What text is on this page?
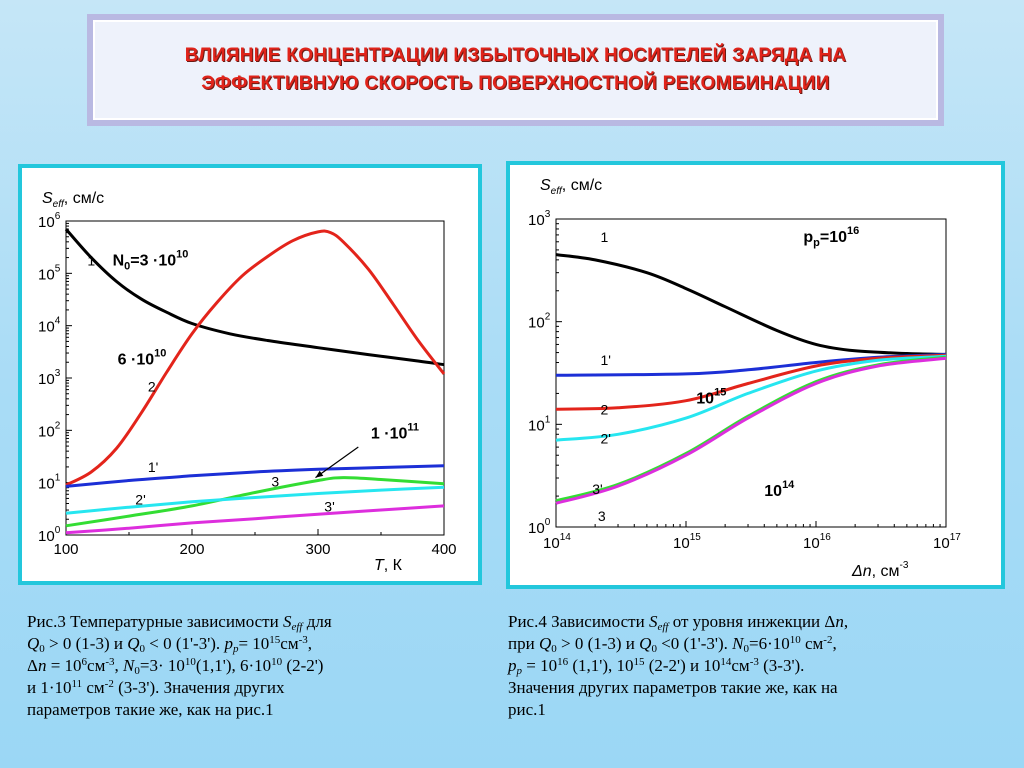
ВЛИЯНИЕ КОНЦЕНТРАЦИИ ИЗБЫТОЧНЫХ НОСИТЕЛЕЙ ЗАРЯДА НА
ЭФФЕКТИВНУЮ СКОРОСТЬ ПОВЕРХНОСТНОЙ РЕКОМБИНАЦИИ
$10^0$
$10^1$
$10^2$
$10^3$
$10^4$
$10^5$
$10^6$
100	200	300	400
$S_{eff}$, см/с
T, К
1
2
1'
2'
3
3'
$N_0=3 \cdot 10^{10}$
$6 \cdot 10^{10}$
$1 \cdot 10^{11}$
$10^0$
$10^1$
$10^2$
$10^3$
$10^{14}$	$10^{15}$	$10^{16}$	$10^{17}$
$S_{eff}$, см/с
Δn, $см^{-3}$
1
1'
2
2'
3'
3
$p_p=10^{16}$
$10^{15}$
$10^{14}$
Рис.3 Температурные зависимости $S_{eff}$ для
$Q_0 > 0$ (1-3) и $Q_0 < 0$ (1'-3'). $p_p= 10^{15}см^{-3}$,
$\Delta n = 10^6см^{-3}$, $N_0=3\cdot 10^{10}(1,1')$, $6\cdot 10^{10}$ (2-2')
и $1\cdot 10^{11}$ $см^{-2}$ (3-3'). Значения других
параметров такие же, как на рис.1
Рис.4 Зависимости $S_{eff}$ от уровня инжекции Δn,
при $Q_0 > 0$ (1-3) и $Q_0 <0$ (1'-3'). $N_0=6\cdot 10^{10}$ $см^{-2}$,
$p_p = 10^{16}$ (1,1'), $10^{15}$ (2-2') и $10^{14}см^{-3}$ (3-3').
Значения других параметров такие же, как на
рис.1
